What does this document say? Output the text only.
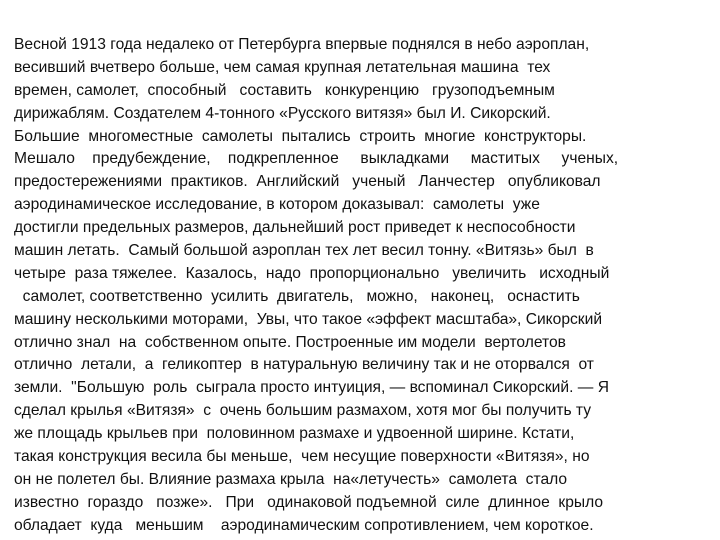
Весной 1913 года недалеко от Петербурга впервые поднялся в небо аэроплан,
весивший вчетверо больше, чем самая крупная летательная машина  тех
времен, самолет,  способный   составить   конкуренцию   грузоподъемным
дирижаблям. Создателем 4-тонного «Русского витязя» был И. Сикорский.
Большие  многоместные  самолеты  пытались  строить  многие  конструкторы.
Мешало    предубеждение,    подкрепленное     выкладками     маститых     ученых,
предостережениями  практиков.  Английский   ученый   Ланчестер   опубликовал
аэродинамическое исследование, в котором доказывал:  самолеты  уже
достигли предельных размеров, дальнейший рост приведет к неспособности
машин летать.  Самый большой аэроплан тех лет весил тонну. «Витязь» был  в
четыре  раза тяжелее.  Казалось,  надо  пропорционально   увеличить   исходный
самолет, соответственно  усилить  двигатель,   можно,   наконец,   оснастить
машину несколькими моторами,  Увы, что такое «эффект масштаба», Сикорский
отлично знал  на  собственном опыте. Построенные им модели  вертолетов
отлично  летали,  а  геликоптер  в натуральную величину так и не оторвался  от
земли.  "Большую  роль  сыграла просто интуиция, — вспоминал Сикорский. — Я
сделал крылья «Витязя»  с  очень большим размахом, хотя мог бы получить ту
же площадь крыльев при  половинном размахе и удвоенной ширине. Кстати,
такая конструкция весила бы меньше,  чем несущие поверхности «Витязя», но
он не полетел бы. Влияние размаха крыла  на«летучесть»  самолета  стало
известно  гораздо   позже».   При   одинаковой подъемной  силе  длинное  крыло
обладает  куда   меньшим    аэродинамическим сопротивлением, чем короткое.
